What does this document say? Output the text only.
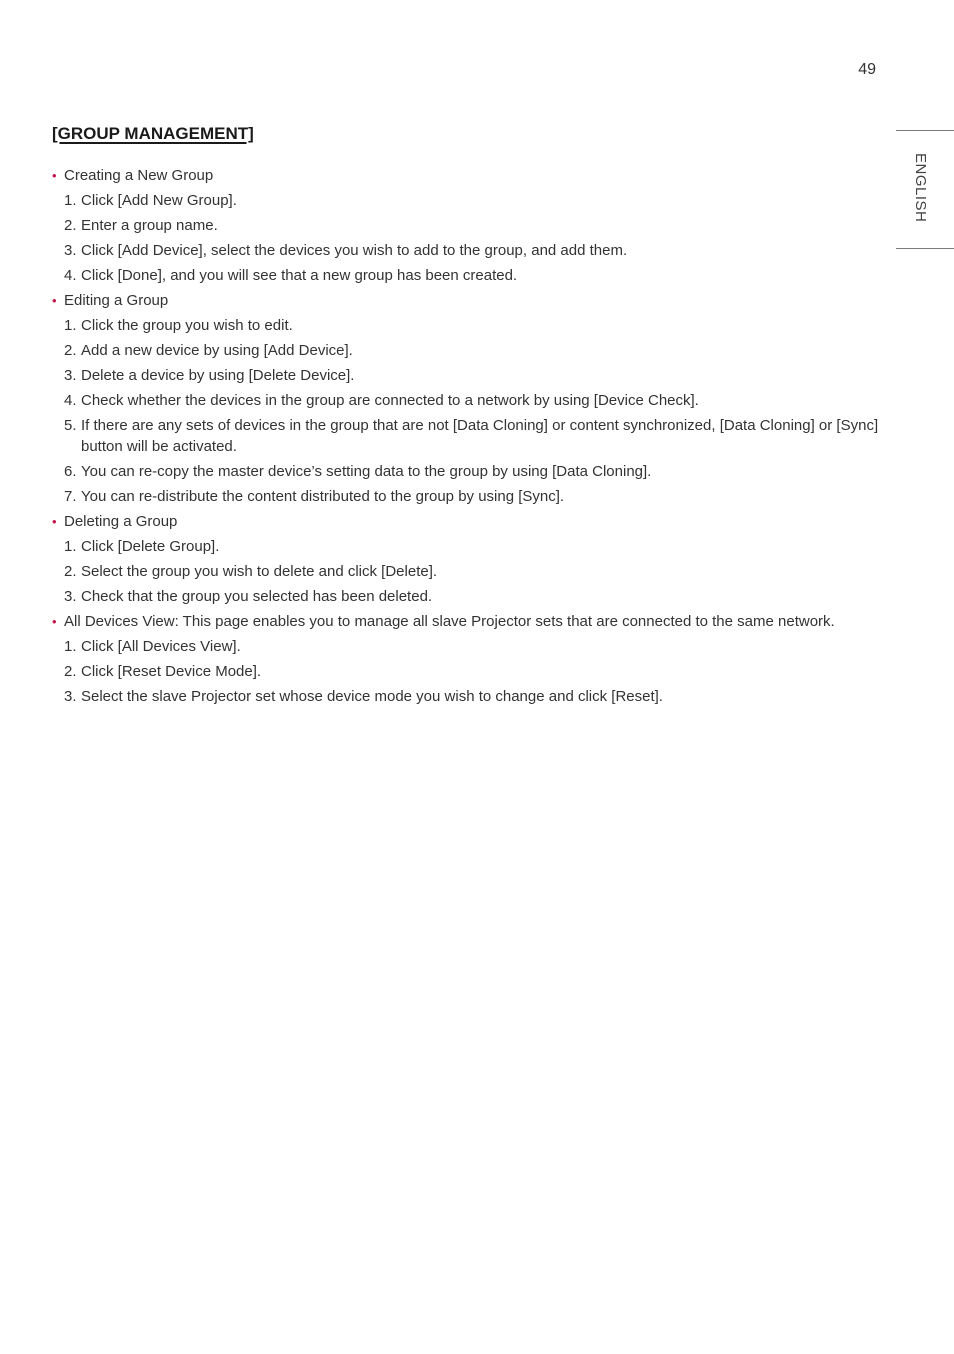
49
ENGLISH
[GROUP MANAGEMENT]
• Creating a New Group
1. Click [Add New Group].
2. Enter a group name.
3. Click [Add Device], select the devices you wish to add to the group, and add them.
4. Click [Done], and you will see that a new group has been created.
• Editing a Group
1. Click the group you wish to edit.
2. Add a new device by using [Add Device].
3. Delete a device by using [Delete Device].
4. Check whether the devices in the group are connected to a network by using [Device Check].
5. If there are any sets of devices in the group that are not [Data Cloning] or content synchronized, [Data Cloning] or [Sync] button will be activated.
6. You can re-copy the master device’s setting data to the group by using [Data Cloning].
7. You can re-distribute the content distributed to the group by using [Sync].
• Deleting a Group
1. Click [Delete Group].
2. Select the group you wish to delete and click [Delete].
3. Check that the group you selected has been deleted.
• All Devices View: This page enables you to manage all slave Projector sets that are connected to the same network.
1. Click [All Devices View].
2. Click [Reset Device Mode].
3. Select the slave Projector set whose device mode you wish to change and click [Reset].
